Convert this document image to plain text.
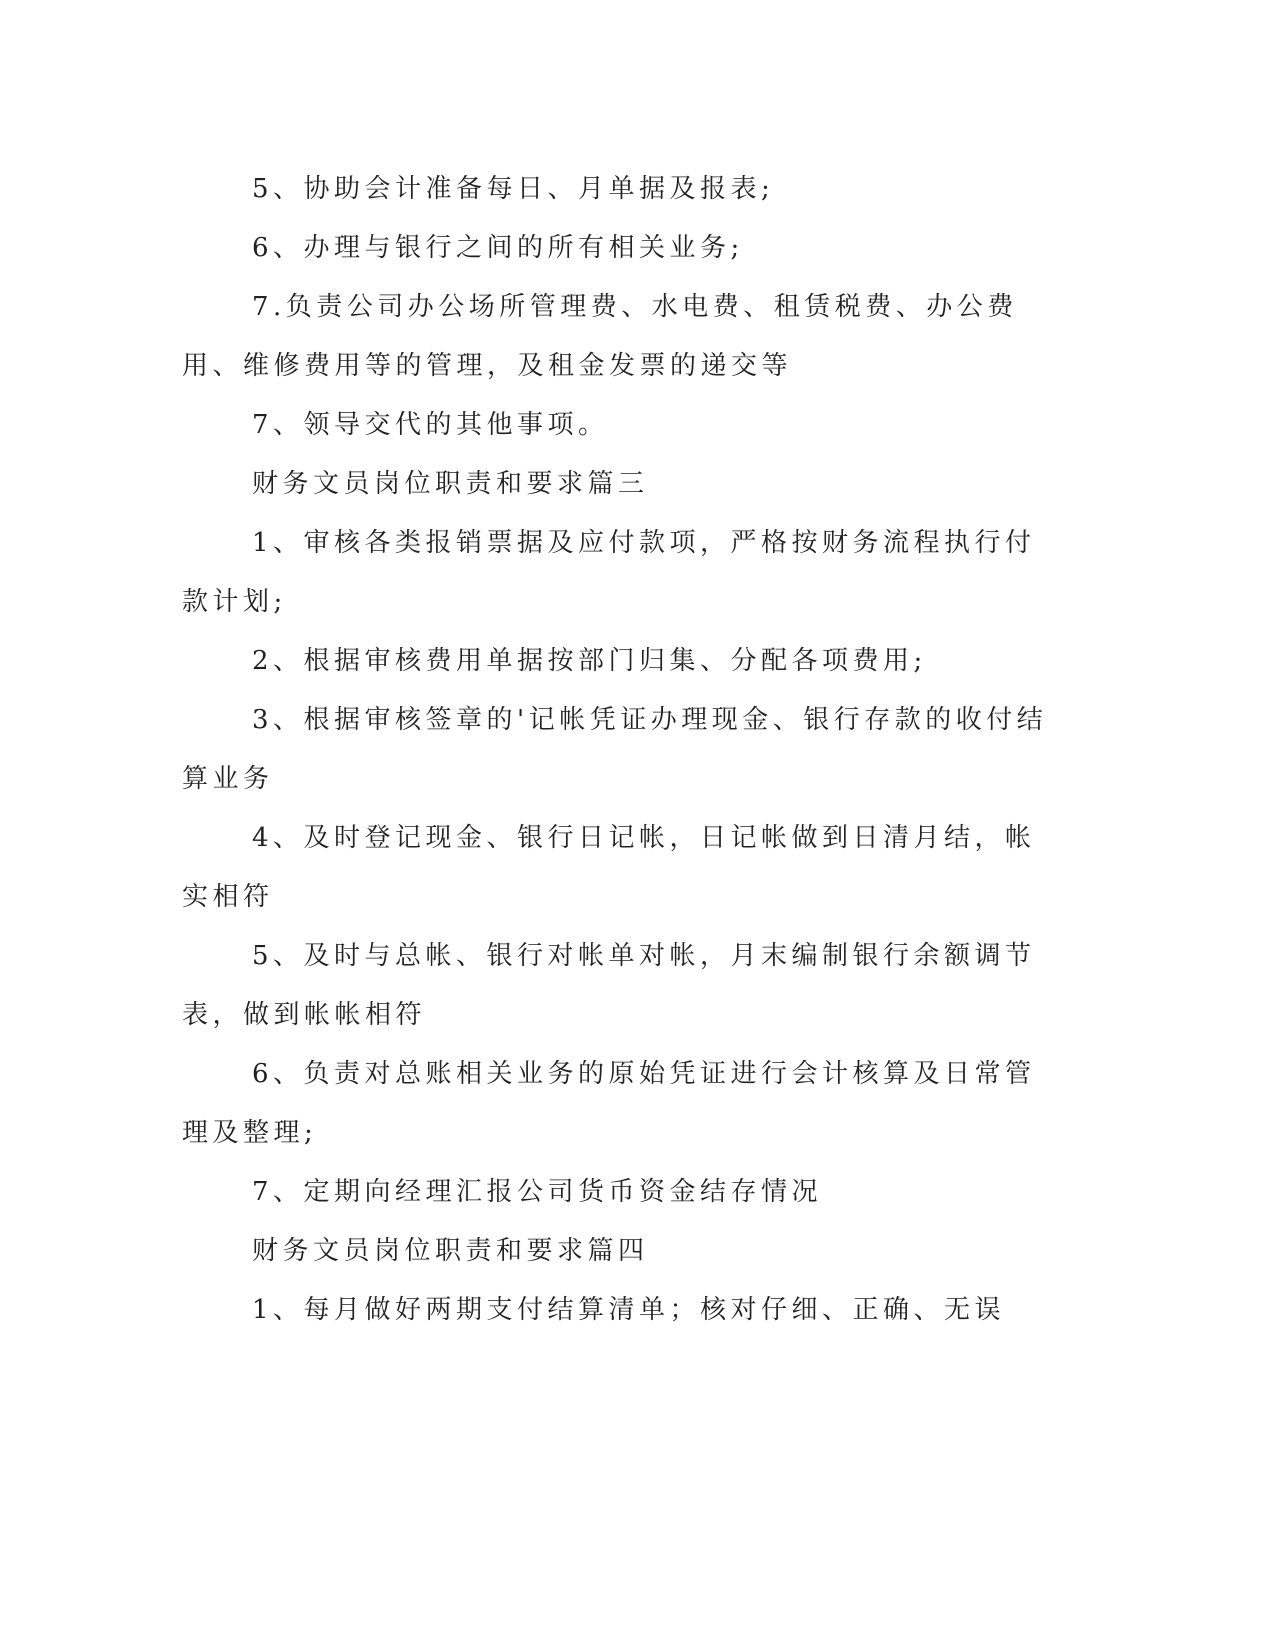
5、协助会计准备每日、月单据及报表;

6、办理与银行之间的所有相关业务;

7.负责公司办公场所管理费、水电费、租赁税费、办公费用、维修费用等的管理，及租金发票的递交等

7、领导交代的其他事项。

财务文员岗位职责和要求篇三

1、审核各类报销票据及应付款项，严格按财务流程执行付款计划;

2、根据审核费用单据按部门归集、分配各项费用;

3、根据审核签章的'记帐凭证办理现金、银行存款的收付结算业务

4、及时登记现金、银行日记帐，日记帐做到日清月结，帐实相符

5、及时与总帐、银行对帐单对帐，月末编制银行余额调节表，做到帐帐相符

6、负责对总账相关业务的原始凭证进行会计核算及日常管理及整理;

7、定期向经理汇报公司货币资金结存情况

财务文员岗位职责和要求篇四

1、每月做好两期支付结算清单；核对仔细、正确、无误
